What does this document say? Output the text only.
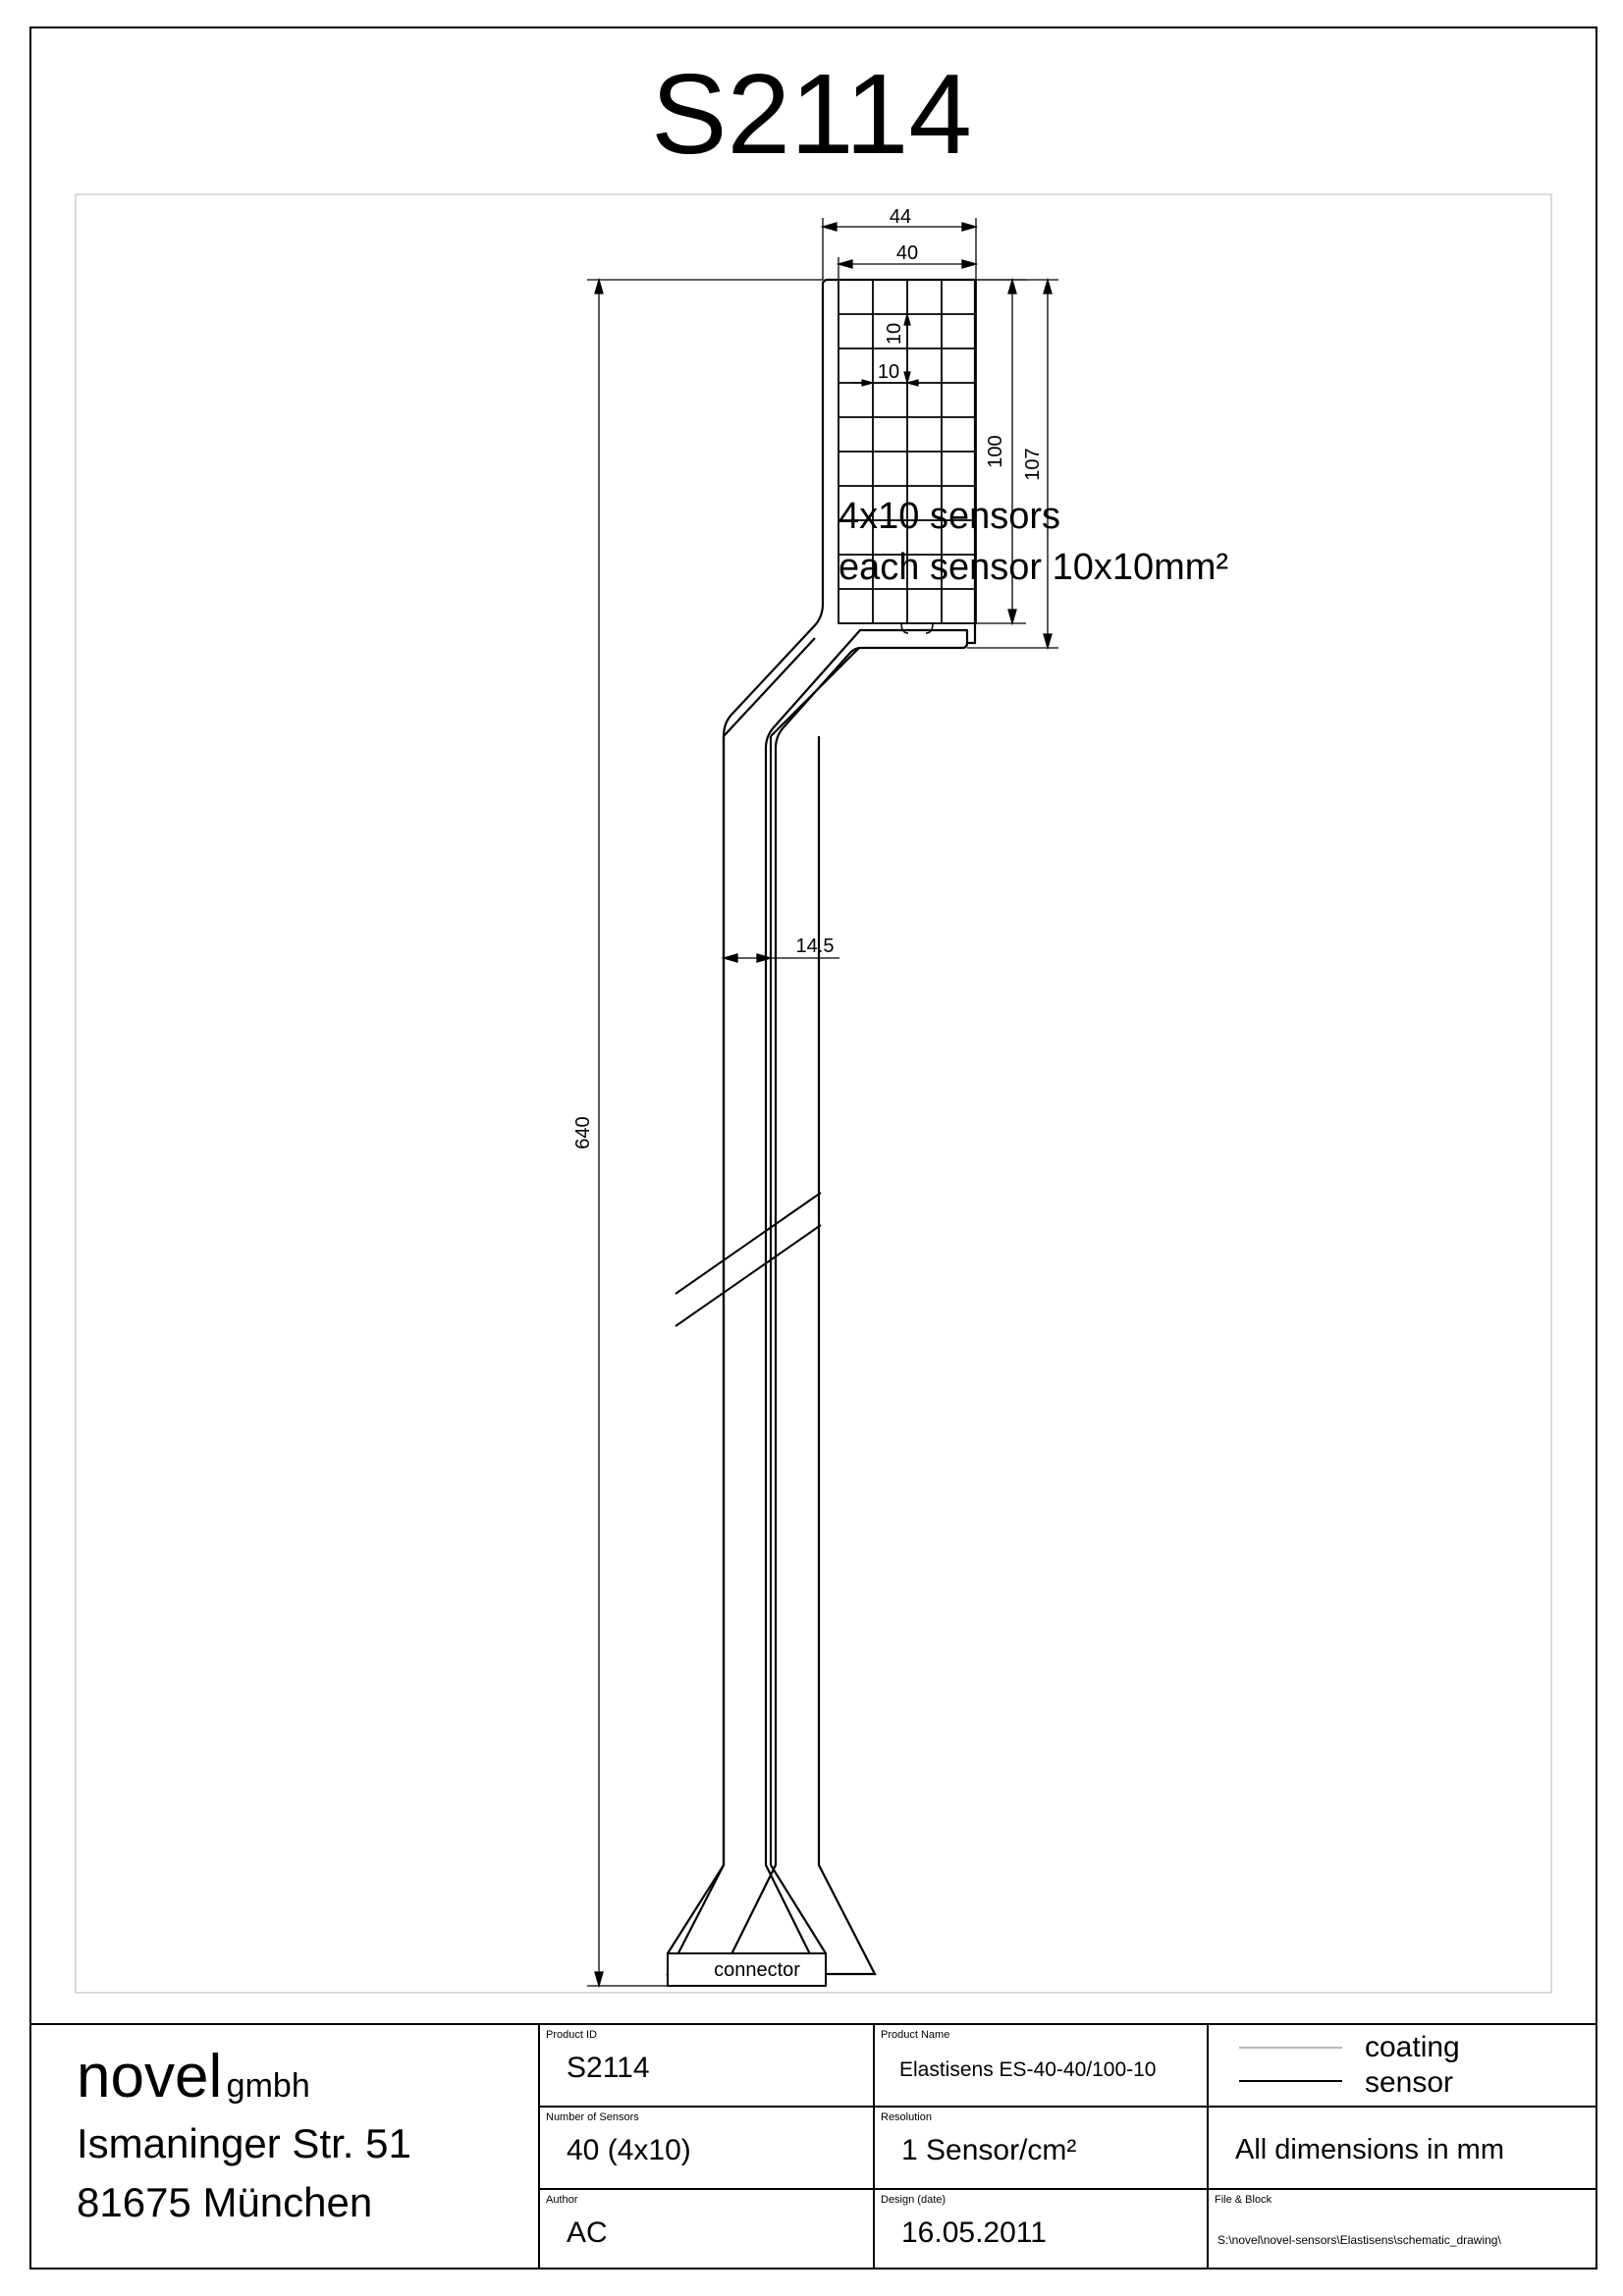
S2114
44
40
10
10
100 107
640
14.5
4x10 sensors
each sensor 10x10mm²
connector
coating
sensor
novel gmbh
Ismaninger Str. 51
81675 München
Product ID
S2114
Product Name
Elastisens ES-40-40/100-10
Number of Sensors
40 (4x10)
Resolution
1 Sensor/cm²	All dimensions in mm
Author
AC
Design (date)
16.05.2011
File & Block
S:\novel\novel-sensors\Elastisens\schematic_drawing\
